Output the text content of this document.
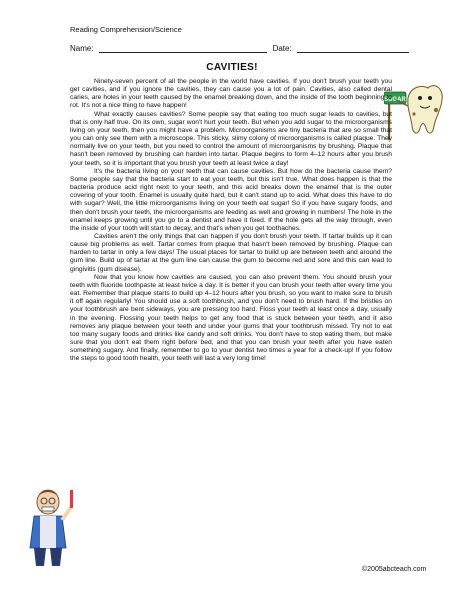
Reading Comprehension/Science
Name:	Date:
CAVITIES!
SUGAR

Ninety-seven percent of all the people in the world have cavities. If you don't brush your teeth you get cavities, and if you ignore the cavities, they can cause you a lot of pain. Cavities, also called dental caries, are holes in your teeth caused by the enamel breaking down, and the inside of the tooth beginning to rot. It's not a nice thing to have happen!

What exactly causes cavities? Some people say that eating too much sugar leads to cavities, but that is only half true. On its own, sugar won't hurt your teeth. But when you add sugar to the microorganisms living on your teeth, then you might have a problem. Microorganisms are tiny bacteria that are so small that you can only see them with a microscope. This sticky, slimy colony of microorganisms is called plaque. They normally live on your teeth, but you need to control the amount of microorganisms by brushing. Plaque that hasn't been removed by brushing can harden into tartar. Plaque begins to form 4–12 hours after you brush your teeth, so it is important that you brush your teeth at least twice a day!

It's the bacteria living on your teeth that can cause cavities. But how do the bacteria cause them? Some people say that the bacteria start to eat your teeth, but this isn't true. What does happen is that the bacteria produce acid right next to your teeth, and this acid breaks down the enamel that is the outer covering of your tooth. Enamel is usually quite hard, but it can't stand up to acid. What does this have to do with sugar? Well, the little microorganisms living on your teeth eat sugar! So if you have sugary foods, and then don't brush your teeth, the microorganisms are feeding as well and growing in numbers! The hole in the enamel keeps growing until you go to a dentist and have it fixed. If the hole gets all the way through, even the inside of your tooth will start to decay, and that's when you get toothaches.

Cavities aren't the only things that can happen if you don't brush your teeth. If tartar builds up it can cause big problems as well. Tartar comes from plaque that hasn't been removed by brushing. Plaque can harden to tartar in only a few days! The usual places for tartar to build up are between teeth and around the gum line. Build up of tartar at the gum line can cause the gum to become red and sore and this can lead to gingivitis (gum disease).

Now that you know how cavities are caused, you can also prevent them. You should brush your teeth with fluoride toothpaste at least twice a day. It is better if you can brush your teeth after every time you eat. Remember that plaque starts to build up 4–12 hours after you brush, so you want to make sure to brush it off again regularly! You should use a soft toothbrush, and you don't need to brush hard. If the bristles on your toothbrush are bent sideways, you are pressing too hard. Floss your teeth at least once a day, usually in the evening. Flossing your teeth helps to get any food that is stuck between your teeth, and it also removes any plaque between your teeth and under your gums that your toothbrush missed. Try not to eat too many sugary foods and drinks like candy and soft drinks. You don't have to stop eating them, but make sure that you don't eat them right before bed, and that you can brush your teeth after you have eaten something sugary. And finally, remember to go to your dentist two times a year for a check-up! If you follow the steps to good tooth health, your teeth will last a very long time!

©2005abcteach.com
